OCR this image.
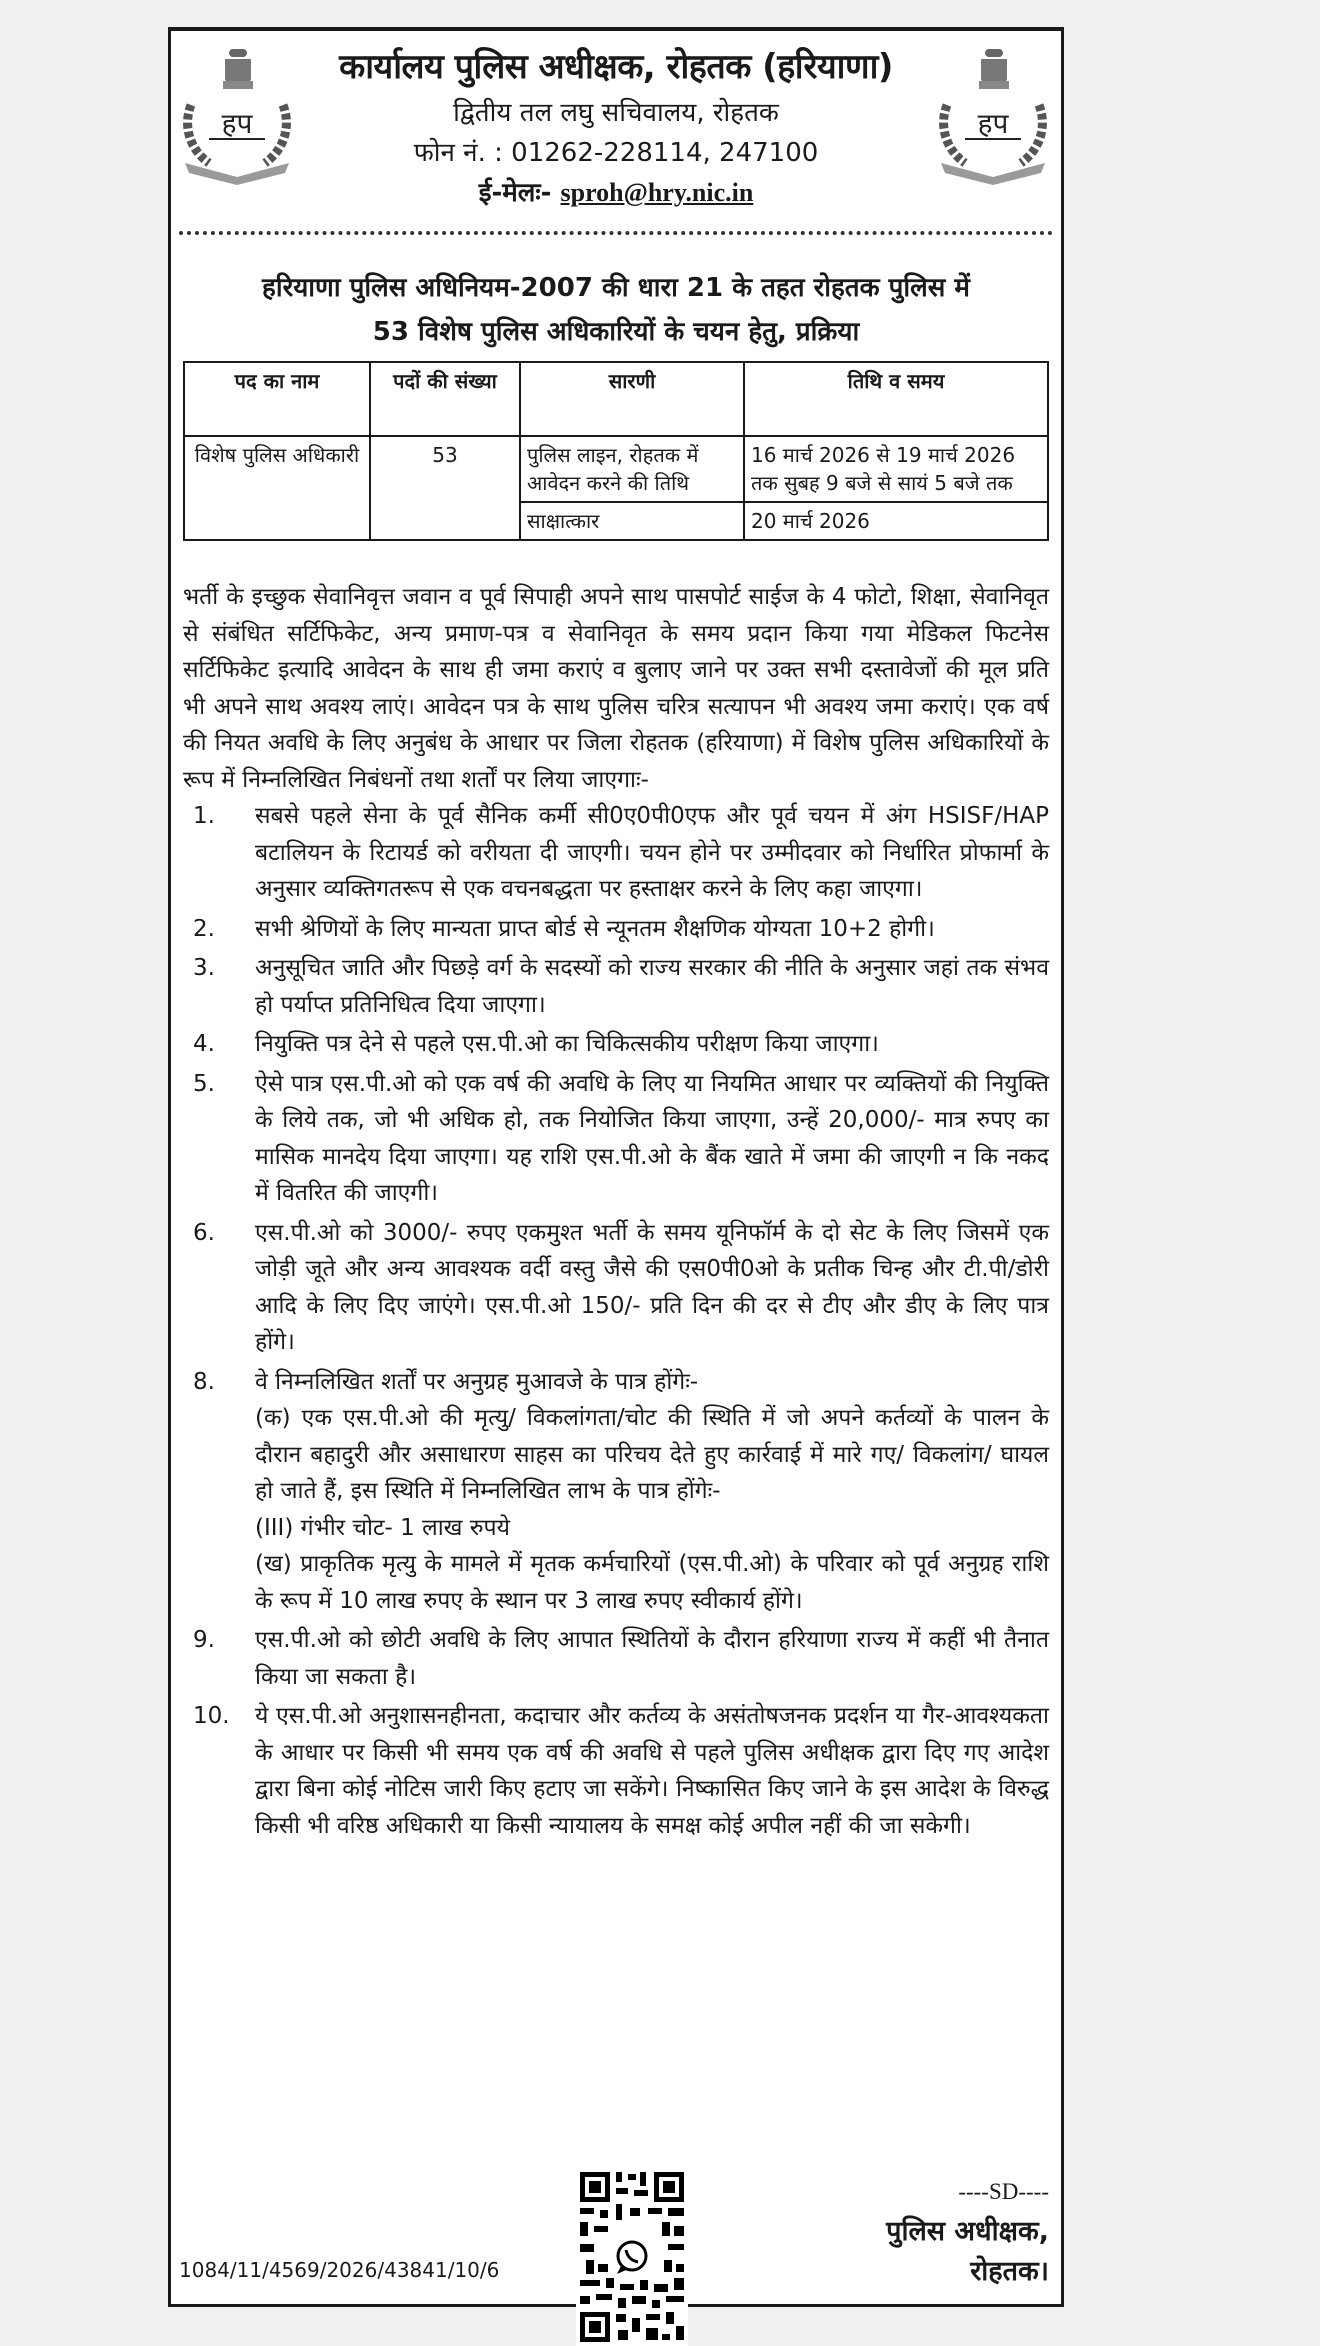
हप	हप
कार्यालय पुलिस अधीक्षक, रोहतक (हरियाणा)
द्वितीय तल लघु सचिवालय, रोहतक
फोन नं. : 01262-228114, 247100
ई-मेलः- sproh@hry.nic.in
हरियाणा पुलिस अधिनियम-2007 की धारा 21 के तहत रोहतक पुलिस में
53 विशेष पुलिस अधिकारियों के चयन हेतु, प्रक्रिया
पद का नाम	पदों की संख्या	सारणी	तिथि व समय
विशेष पुलिस अधिकारी	53	पुलिस लाइन, रोहतक में आवेदन करने की तिथि	16 मार्च 2026 से 19 मार्च 2026 तक सुबह 9 बजे से सायं 5 बजे तक
		साक्षात्कार	20 मार्च 2026

भर्ती के इच्छुक सेवानिवृत्त जवान व पूर्व सिपाही अपने साथ पासपोर्ट साईज के 4 फोटो, शिक्षा, सेवानिवृत से संबंधित सर्टिफिकेट, अन्य प्रमाण-पत्र व सेवानिवृत के समय प्रदान किया गया मेडिकल फिटनेस सर्टिफिकेट इत्यादि आवेदन के साथ ही जमा कराएं व बुलाए जाने पर उक्त सभी दस्तावेजों की मूल प्रति भी अपने साथ अवश्य लाएं। आवेदन पत्र के साथ पुलिस चरित्र सत्यापन भी अवश्य जमा कराएं। एक वर्ष की नियत अवधि के लिए अनुबंध के आधार पर जिला रोहतक (हरियाणा) में विशेष पुलिस अधिकारियों के रूप में निम्नलिखित निबंधनों तथा शर्तों पर लिया जाएगाः-

1. सबसे पहले सेना के पूर्व सैनिक कर्मी सी0ए0पी0एफ और पूर्व चयन में अंग HSISF/HAP बटालियन के रिटायर्ड को वरीयता दी जाएगी। चयन होने पर उम्मीदवार को निर्धारित प्रोफार्मा के अनुसार व्यक्तिगतरूप से एक वचनबद्धता पर हस्ताक्षर करने के लिए कहा जाएगा।
2. सभी श्रेणियों के लिए मान्यता प्राप्त बोर्ड से न्यूनतम शैक्षणिक योग्यता 10+2 होगी।
3. अनुसूचित जाति और पिछड़े वर्ग के सदस्यों को राज्य सरकार की नीति के अनुसार जहां तक संभव हो पर्याप्त प्रतिनिधित्व दिया जाएगा।
4. नियुक्ति पत्र देने से पहले एस.पी.ओ का चिकित्सकीय परीक्षण किया जाएगा।
5. ऐसे पात्र एस.पी.ओ को एक वर्ष की अवधि के लिए या नियमित आधार पर व्यक्तियों की नियुक्ति के लिये तक, जो भी अधिक हो, तक नियोजित किया जाएगा, उन्हें 20,000/- मात्र रुपए का मासिक मानदेय दिया जाएगा। यह राशि एस.पी.ओ के बैंक खाते में जमा की जाएगी न कि नकद में वितरित की जाएगी।
6. एस.पी.ओ को 3000/- रुपए एकमुश्त भर्ती के समय यूनिफॉर्म के दो सेट के लिए जिसमें एक जोड़ी जूते और अन्य आवश्यक वर्दी वस्तु जैसे की एस0पी0ओ के प्रतीक चिन्ह और टी.पी/डोरी आदि के लिए दिए जाएंगे। एस.पी.ओ 150/- प्रति दिन की दर से टीए और डीए के लिए पात्र होंगे।
8. वे निम्नलिखित शर्तों पर अनुग्रह मुआवजे के पात्र होंगेः-
(क) एक एस.पी.ओ की मृत्यु/ विकलांगता/चोट की स्थिति में जो अपने कर्तव्यों के पालन के दौरान बहादुरी और असाधारण साहस का परिचय देते हुए कार्रवाई में मारे गए/ विकलांग/ घायल हो जाते हैं, इस स्थिति में निम्नलिखित लाभ के पात्र होंगेः-
(III) गंभीर चोट- 1 लाख रुपये
(ख) प्राकृतिक मृत्यु के मामले में मृतक कर्मचारियों (एस.पी.ओ) के परिवार को पूर्व अनुग्रह राशि के रूप में 10 लाख रुपए के स्थान पर 3 लाख रुपए स्वीकार्य होंगे।
9. एस.पी.ओ को छोटी अवधि के लिए आपात स्थितियों के दौरान हरियाणा राज्य में कहीं भी तैनात किया जा सकता है।
10. ये एस.पी.ओ अनुशासनहीनता, कदाचार और कर्तव्य के असंतोषजनक प्रदर्शन या गैर-आवश्यकता के आधार पर किसी भी समय एक वर्ष की अवधि से पहले पुलिस अधीक्षक द्वारा दिए गए आदेश द्वारा बिना कोई नोटिस जारी किए हटाए जा सकेंगे। निष्कासित किए जाने के इस आदेश के विरुद्ध किसी भी वरिष्ठ अधिकारी या किसी न्यायालय के समक्ष कोई अपील नहीं की जा सकेगी।
1084/11/4569/2026/43841/10/6
----SD----
पुलिस अधीक्षक,
रोहतक।
